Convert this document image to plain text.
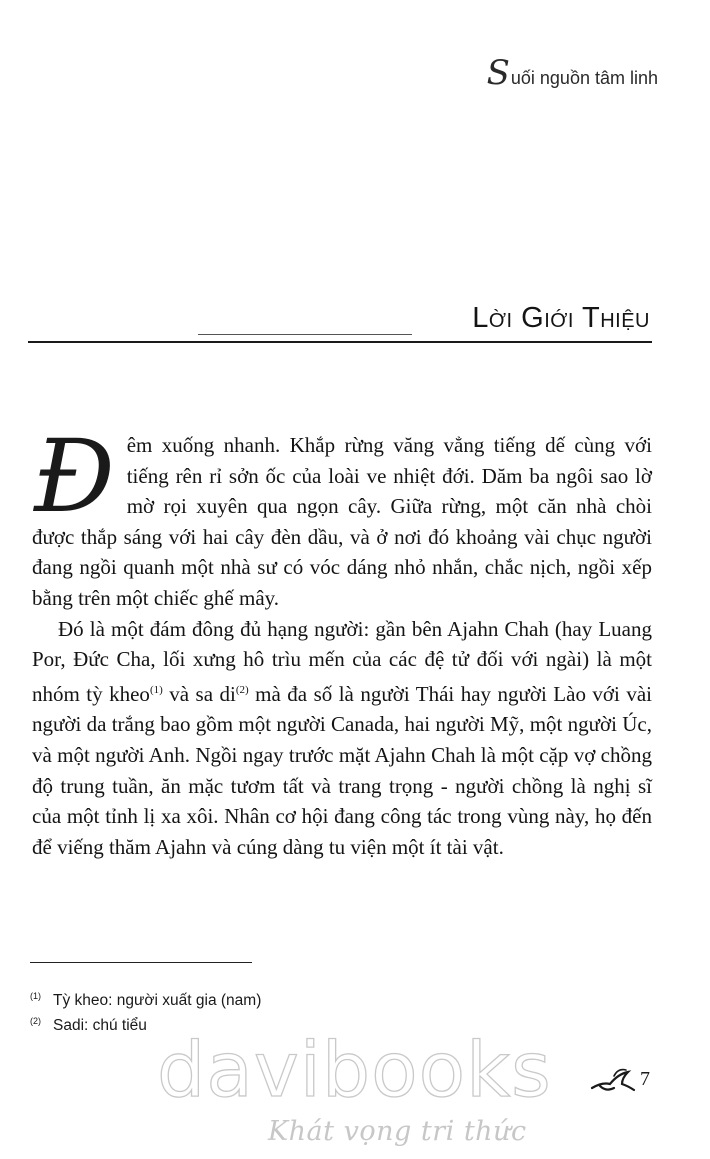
S uối nguồn tâm linh
Lời Giới Thiệu

Đêm xuống nhanh. Khắp rừng văng vẳng tiếng dế cùng với tiếng rên rỉ sởn ốc của loài ve nhiệt đới. Dăm ba ngôi sao lờ mờ rọi xuyên qua ngọn cây. Giữa rừng, một căn nhà chòi được thắp sáng với hai cây đèn dầu, và ở nơi đó khoảng vài chục người đang ngồi quanh một nhà sư có vóc dáng nhỏ nhắn, chắc nịch, ngồi xếp bằng trên một chiếc ghế mây.

Đó là một đám đông đủ hạng người: gần bên Ajahn Chah (hay Luang Por, Đức Cha, lối xưng hô trìu mến của các đệ tử đối với ngài) là một nhóm tỳ kheo$^{(1)}$ và sa $di^{(2)}$ mà đa số là người Thái hay người Lào với vài người da trắng bao gồm một người Canada, hai người Mỹ, một người Úc, và một người Anh. Ngồi ngay trước mặt Ajahn Chah là một cặp vợ chồng độ trung tuần, ăn mặc tươm tất và trang trọng - người chồng là nghị sĩ của một tỉnh lị xa xôi. Nhân cơ hội đang công tác trong vùng này, họ đến để viếng thăm Ajahn và cúng dàng tu viện một ít tài vật.

$^{(1)}$ Tỳ kheo: người xuất gia (nam)
$^{(2)}$ Sadi: chú tiểu davibooks
Khát vọng tri thức
7
